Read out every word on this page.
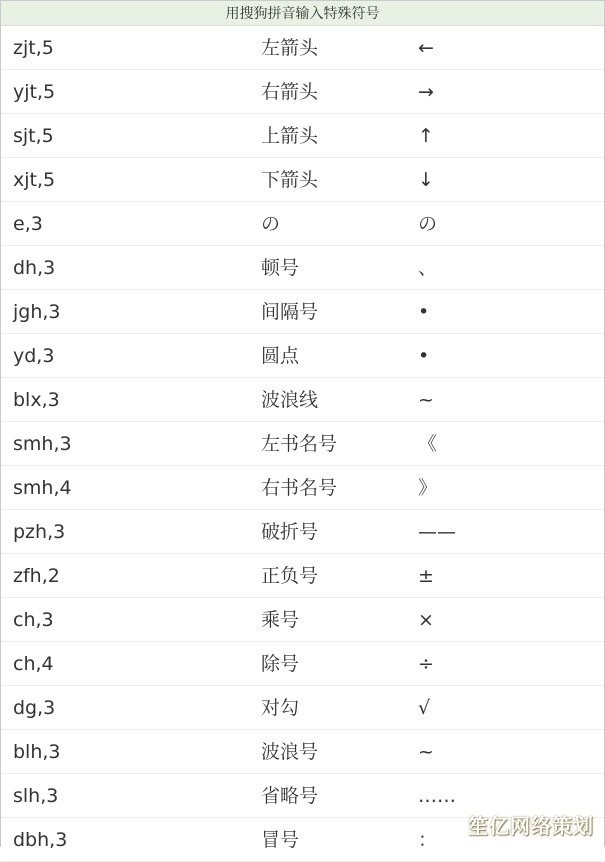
用搜狗拼音输入特殊符号
zjt,5	左箭头	←
yjt,5	右箭头	→
sjt,5	上箭头	↑
xjt,5	下箭头	↓
e,3	の	の
dh,3	顿号	、
jgh,3	间隔号	•
yd,3	圆点	•
blx,3	波浪线	~
smh,3	左书名号	《
smh,4	右书名号	》
pzh,3	破折号	——
zfh,2	正负号	±
ch,3	乘号	×
ch,4	除号	÷
dg,3	对勾	√
blh,3	波浪号	~
slh,3	省略号	……
dbh,3	冒号	：
笙亿网络策划
